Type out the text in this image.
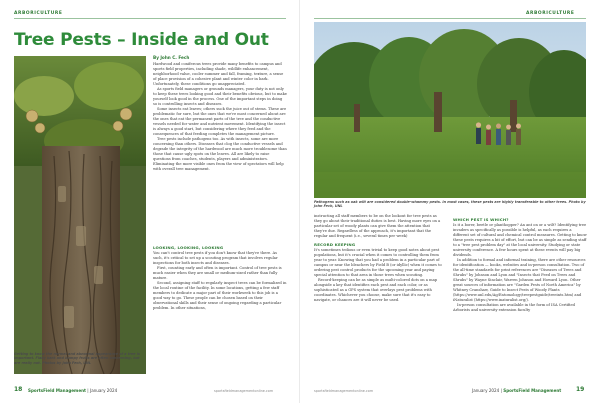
ARBORICULTURE
Tree Pests – Inside and Out
By John C. Fech

Hardwood and coniferous trees provide many benefits to campus and sports field properties, including shade, wildlife enhancement, neighborhood value, cooler summer and fall, framing, texture, a sense of place provision of a cohesive plant and winter color in bark. Unfortunately, these conditions go unappreciated.

As sports field managers or grounds managers, your duty is not only to keep these trees looking good and their benefits obvious, but to make yourself look good in the process. One of the important steps in doing so is controlling insects and diseases.

Some insects eat leaves; others suck the juice out of stems. These are problematic for sure, but the ones that we're most concerned about are the ones that eat the permanent parts of the tree and the conductive vessels needed for water and nutrient movement. Identifying the insect is always a good start, but considering where they feed and the consequences of that feeding completes the management picture.

Tree pests include pathogens too. As with insects, some are more concerning than others. Diseases that clog the conductive vessels and degrade the integrity of the hardwood are much more troublesome than those that cause ugly spots on the leaves. All are likely to raise questions from coaches, students, players and administrators. Eliminating the more visible ones from the view of spectators will help with overall tree management.

LOOKING, LOOKING, LOOKING

You can't control tree pests if you don't know that they're there. As such, it's critical to set up a scouting program that involves regular inspections for both insects and diseases.

First, counting early and often is important. Control of tree pests is much easier when they are small or medium-sized rather than fully mature.

Second, assigning staff to regularly inspect trees can be formalized in the local routine of the facility. In some locations, getting a few staff members to dedicate a major part of their workweek to this job is a good way to go. These people can be chosen based on their observational skills and their sense of ongoing regarding a particular problem. In other situations,

Getting to know the normal and abnormal appearance of a tree is important. Flaky bark and bumpy fruits are often concerning, but are really not. Photos by John Fech, UNL
18 SportsField Management | January 2024	sportsfieldmanagementonline.com
ARBORICULTURE
Pathogens such as oak wilt are considered double-whammy pests. In most cases, these pests are highly transferable to other trees. Photo by John Fech, UNL

instructing all staff members to be on the lookout for tree pests as they go about their traditional duties is best. Having more eyes on a particular set of woody plants can give them the attention that they're due. Regardless of the approach, it's important that the regular and frequent (i.e., several times per week)

RECORD KEEPING

It's sometimes tedious or even trivial to keep good notes about pest populations, but it's crucial when it comes to controlling them from year to year. Knowing that you had a problem in a particular part of campus or near the bleachers by Field B (or idyllic) when it comes to ordering pest control products for the upcoming year and paying special attention to that area in those trees when scouting.

Record-keeping can be as simple as multi-colored dots on a map alongside a key that identifies each pest and each color, or as sophisticated as a GPS system that overlays pest problems with coordinates. Whichever you choose, make sure that it's easy to navigate, or chances are it will never be used.

WHICH PEST IS WHICH?

Is it a borer, beetle or planthopper? An ant on or a wilt? Identifying tree invaders as specifically as possible is helpful, as each requires a different set of cultural and chemical control measures. Getting to know these pests requires a bit of effort, but can be as simple as sending staff to a "tree pest problem day" at the local university. Studying or state university conference. A few hours spent at these events will pay big dividends.

In addition to formal and informal training, there are other resources for identification — books, websites and in-person consultation. Two of the all-time standards for print references are "Diseases of Trees and Shrubs" by Johnson and Lyon and "Insects that Feed on Trees and Shrubs" by Wayne Sinclair, Warren Johnson and Howard Lyon. Other great sources of information are "Garden Pests of North America" by Whitney Cranshaw, Guide to Insect Pests of Woody Plants (https://www.unl.edu/Ag/Entomology/treepestguide/treeints.htm) and iNaturalist (https://www.inaturalist.org/).

In-person consultation are available in the form of ISA Certified Arborists and university extension faculty

sportsfieldmanagementonline.com	January 2024 | SportsField Management 19
